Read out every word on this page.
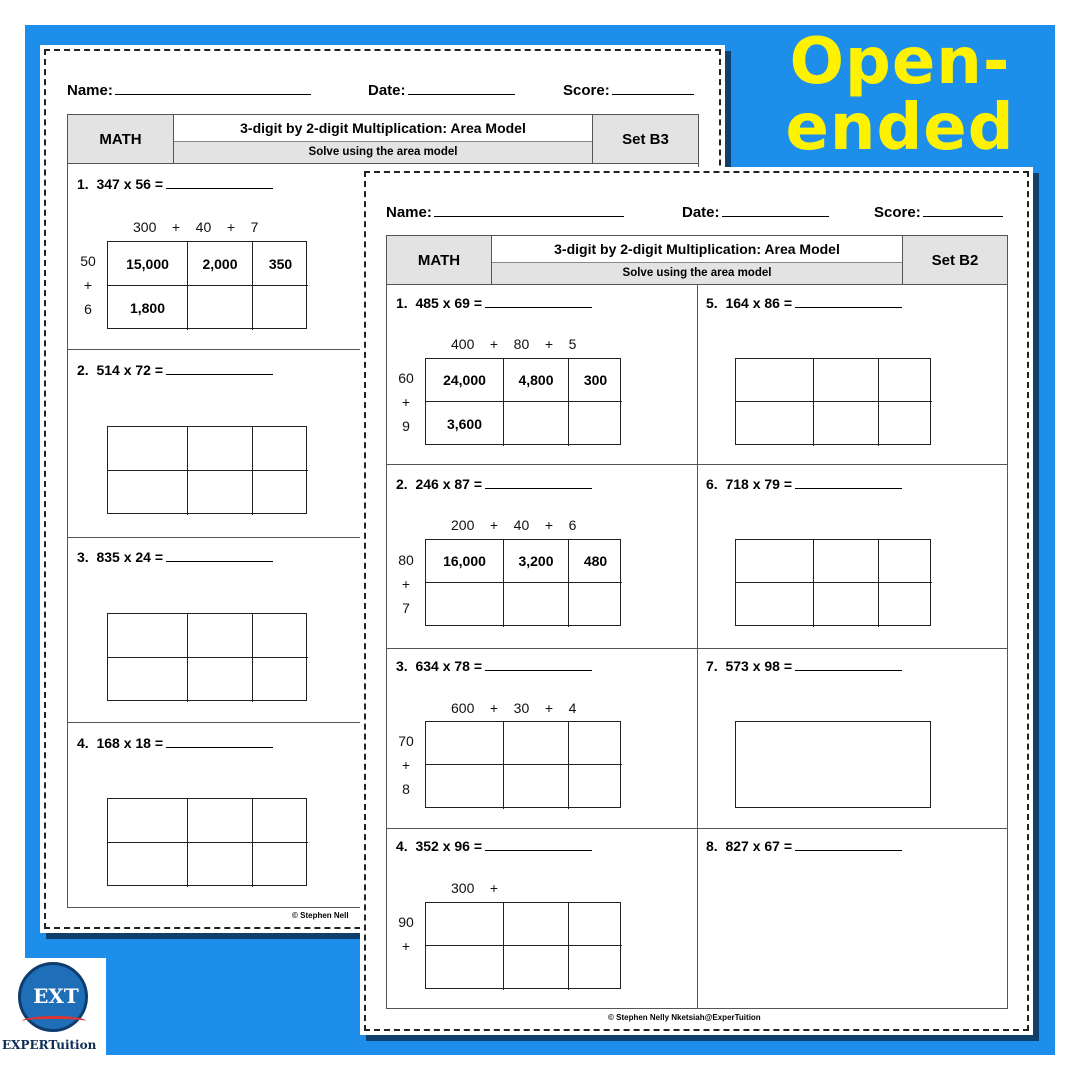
Open-
ended
Name:	Date:	Score:
MATH
3-digit by 2-digit Multiplication: Area Model
Solve using the area model
Set B3
1. 347 x 56 =
300 + 40 + 7
50
+
6
15,000	2,000	350
1,800
2. 514 x 72 =
3. 835 x 24 =
4. 168 x 18 =
© Stephen Nell
Name:	Date:	Score:
MATH
3-digit by 2-digit Multiplication: Area Model
Solve using the area model
Set B2
1. 485 x 69 =
400 + 80 + 5
60
+
9
24,000	4,800	300
3,600
2. 246 x 87 =
200 + 40 + 6
80
+
7
16,000	3,200	480
3. 634 x 78 =
600 + 30 + 4
70
+
8
4. 352 x 96 =
300 +
90
+
5. 164 x 86 =
6. 718 x 79 =
7. 573 x 98 =
8. 827 x 67 =
© Stephen Nelly Nketsiah@ExperTuition
EXT
EXPERTuition
